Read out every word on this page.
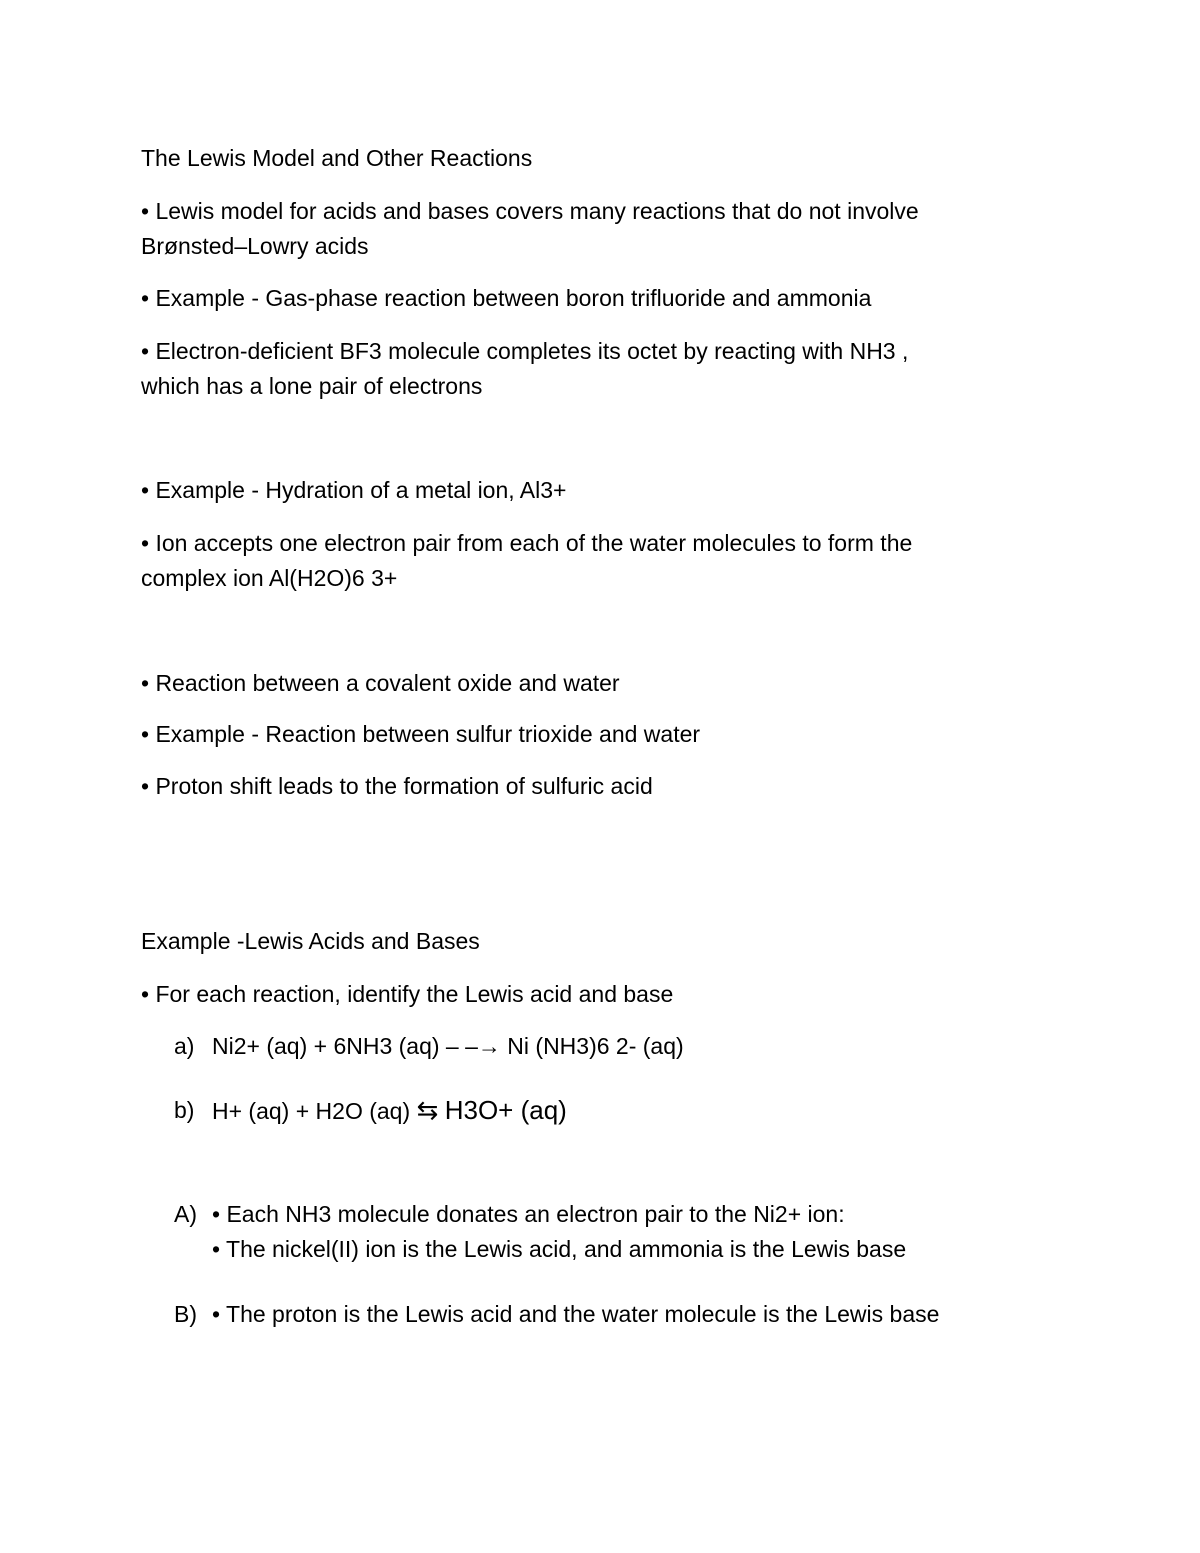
The Lewis Model and Other Reactions
• Lewis model for acids and bases covers many reactions that do not involve
Brønsted–Lowry acids
• Example - Gas-phase reaction between boron trifluoride and ammonia
• Electron-deficient BF3 molecule completes its octet by reacting with NH3 ,
which has a lone pair of electrons
• Example - Hydration of a metal ion, Al3+
• Ion accepts one electron pair from each of the water molecules to form the
complex ion Al(H2O)6 3+
• Reaction between a covalent oxide and water
• Example - Reaction between sulfur trioxide and water
• Proton shift leads to the formation of sulfuric acid
Example -Lewis Acids and Bases
• For each reaction, identify the Lewis acid and base
a) Ni2+ (aq) + 6NH3 (aq) – –→ Ni (NH3)6 2- (aq)
b) H+ (aq) + H2O (aq) ⇆ H3O+ (aq)
A) • Each NH3 molecule donates an electron pair to the Ni2+ ion:
• The nickel(II) ion is the Lewis acid, and ammonia is the Lewis base
B) • The proton is the Lewis acid and the water molecule is the Lewis base
